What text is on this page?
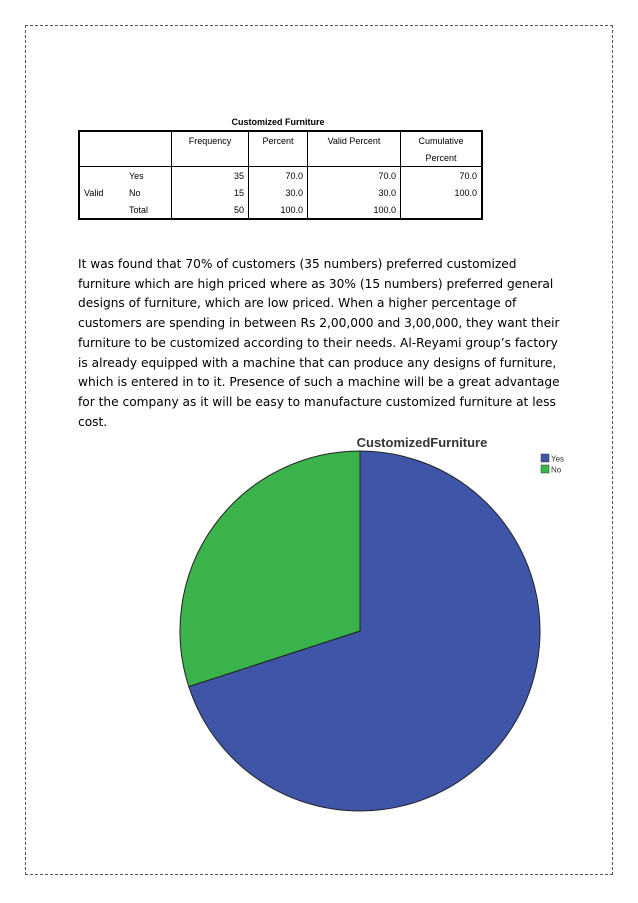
Customized Furniture
		Frequency	Percent	Valid Percent	Cumulative
					Percent
	Yes	35	70.0	70.0	70.0
Valid	No	15	30.0	30.0	100.0
	Total	50	100.0	100.0	

It was found that 70% of customers (35 numbers) preferred customized furniture which are high priced where as 30% (15 numbers) preferred general designs of furniture, which are low priced. When a higher percentage of customers are spending in between Rs 2,00,000 and 3,00,000, they want their furniture to be customized according to their needs. Al-Reyami group’s factory is already equipped with a machine that can produce any designs of furniture, which is entered in to it. Presence of such a machine will be a great advantage for the company as it will be easy to manufacture customized furniture at less cost.

CustomizedFurniture
Yes
No
